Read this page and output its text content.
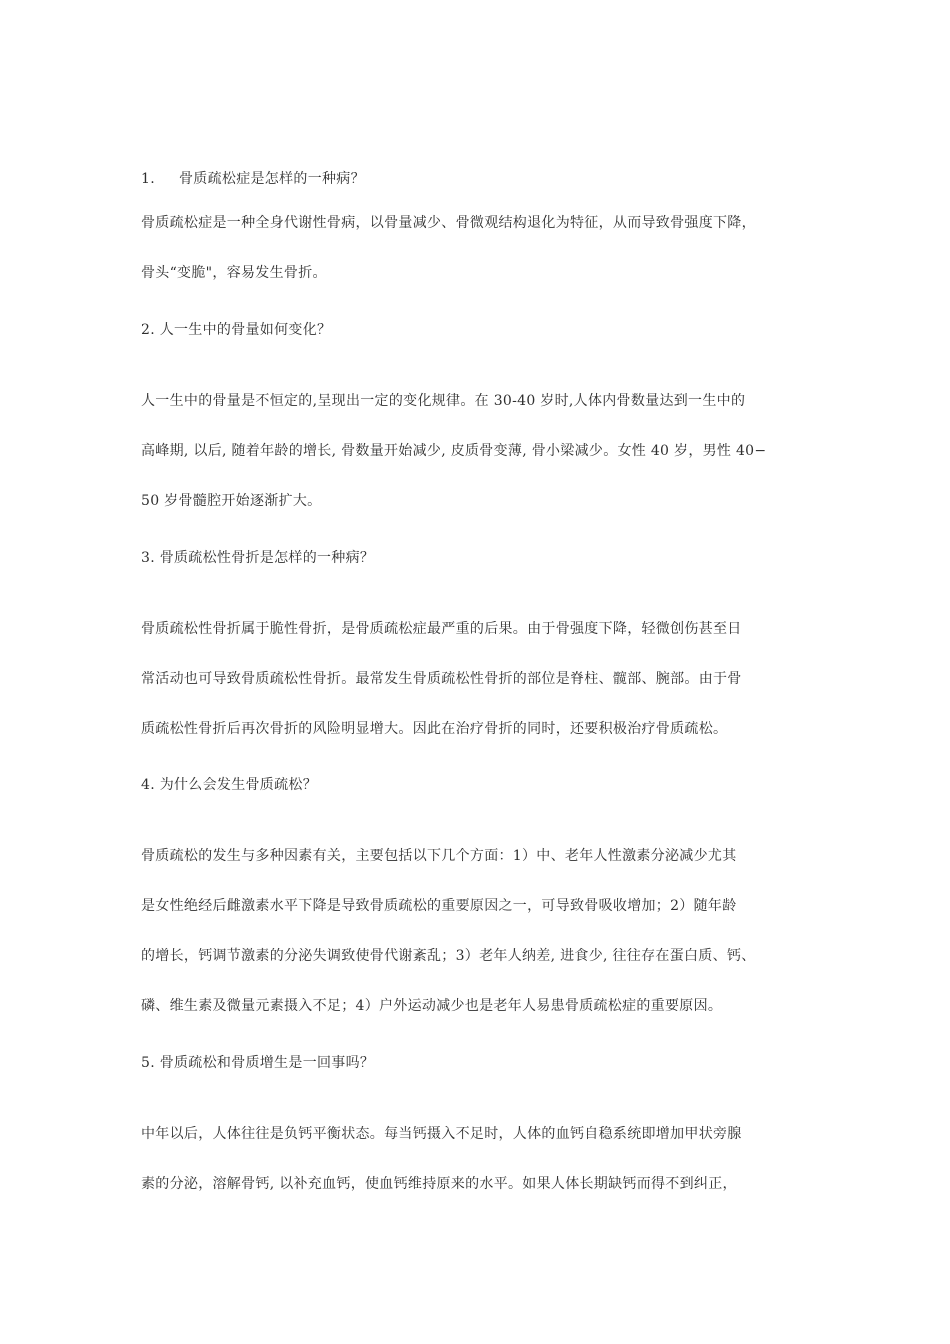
1. 骨质疏松症是怎样的一种病？
骨质疏松症是一种全身代谢性骨病，以骨量减少、骨微观结构退化为特征，从而导致骨强度下降，
骨头“变脆"，容易发生骨折。
2. 人一生中的骨量如何变化？
人一生中的骨量是不恒定的,呈现出一定的变化规律。在 30-40 岁时,人体内骨数量达到一生中的
高峰期, 以后, 随着年龄的增长, 骨数量开始减少, 皮质骨变薄, 骨小梁减少。女性 40 岁，男性 40−
50 岁骨髓腔开始逐渐扩大。
3. 骨质疏松性骨折是怎样的一种病？
骨质疏松性骨折属于脆性骨折，是骨质疏松症最严重的后果。由于骨强度下降，轻微创伤甚至日
常活动也可导致骨质疏松性骨折。最常发生骨质疏松性骨折的部位是脊柱、髋部、腕部。由于骨
质疏松性骨折后再次骨折的风险明显增大。因此在治疗骨折的同时，还要积极治疗骨质疏松。
4. 为什么会发生骨质疏松？
骨质疏松的发生与多种因素有关，主要包括以下几个方面：1）中、老年人性激素分泌减少尤其
是女性绝经后雌激素水平下降是导致骨质疏松的重要原因之一，可导致骨吸收增加；2）随年龄
的增长，钙调节激素的分泌失调致使骨代谢紊乱；3）老年人纳差, 进食少, 往往存在蛋白质、钙、
磷、维生素及微量元素摄入不足；4）户外运动减少也是老年人易患骨质疏松症的重要原因。
5. 骨质疏松和骨质增生是一回事吗？
中年以后，人体往往是负钙平衡状态。每当钙摄入不足时，人体的血钙自稳系统即增加甲状旁腺
素的分泌，溶解骨钙, 以补充血钙，使血钙维持原来的水平。如果人体长期缺钙而得不到纠正，
